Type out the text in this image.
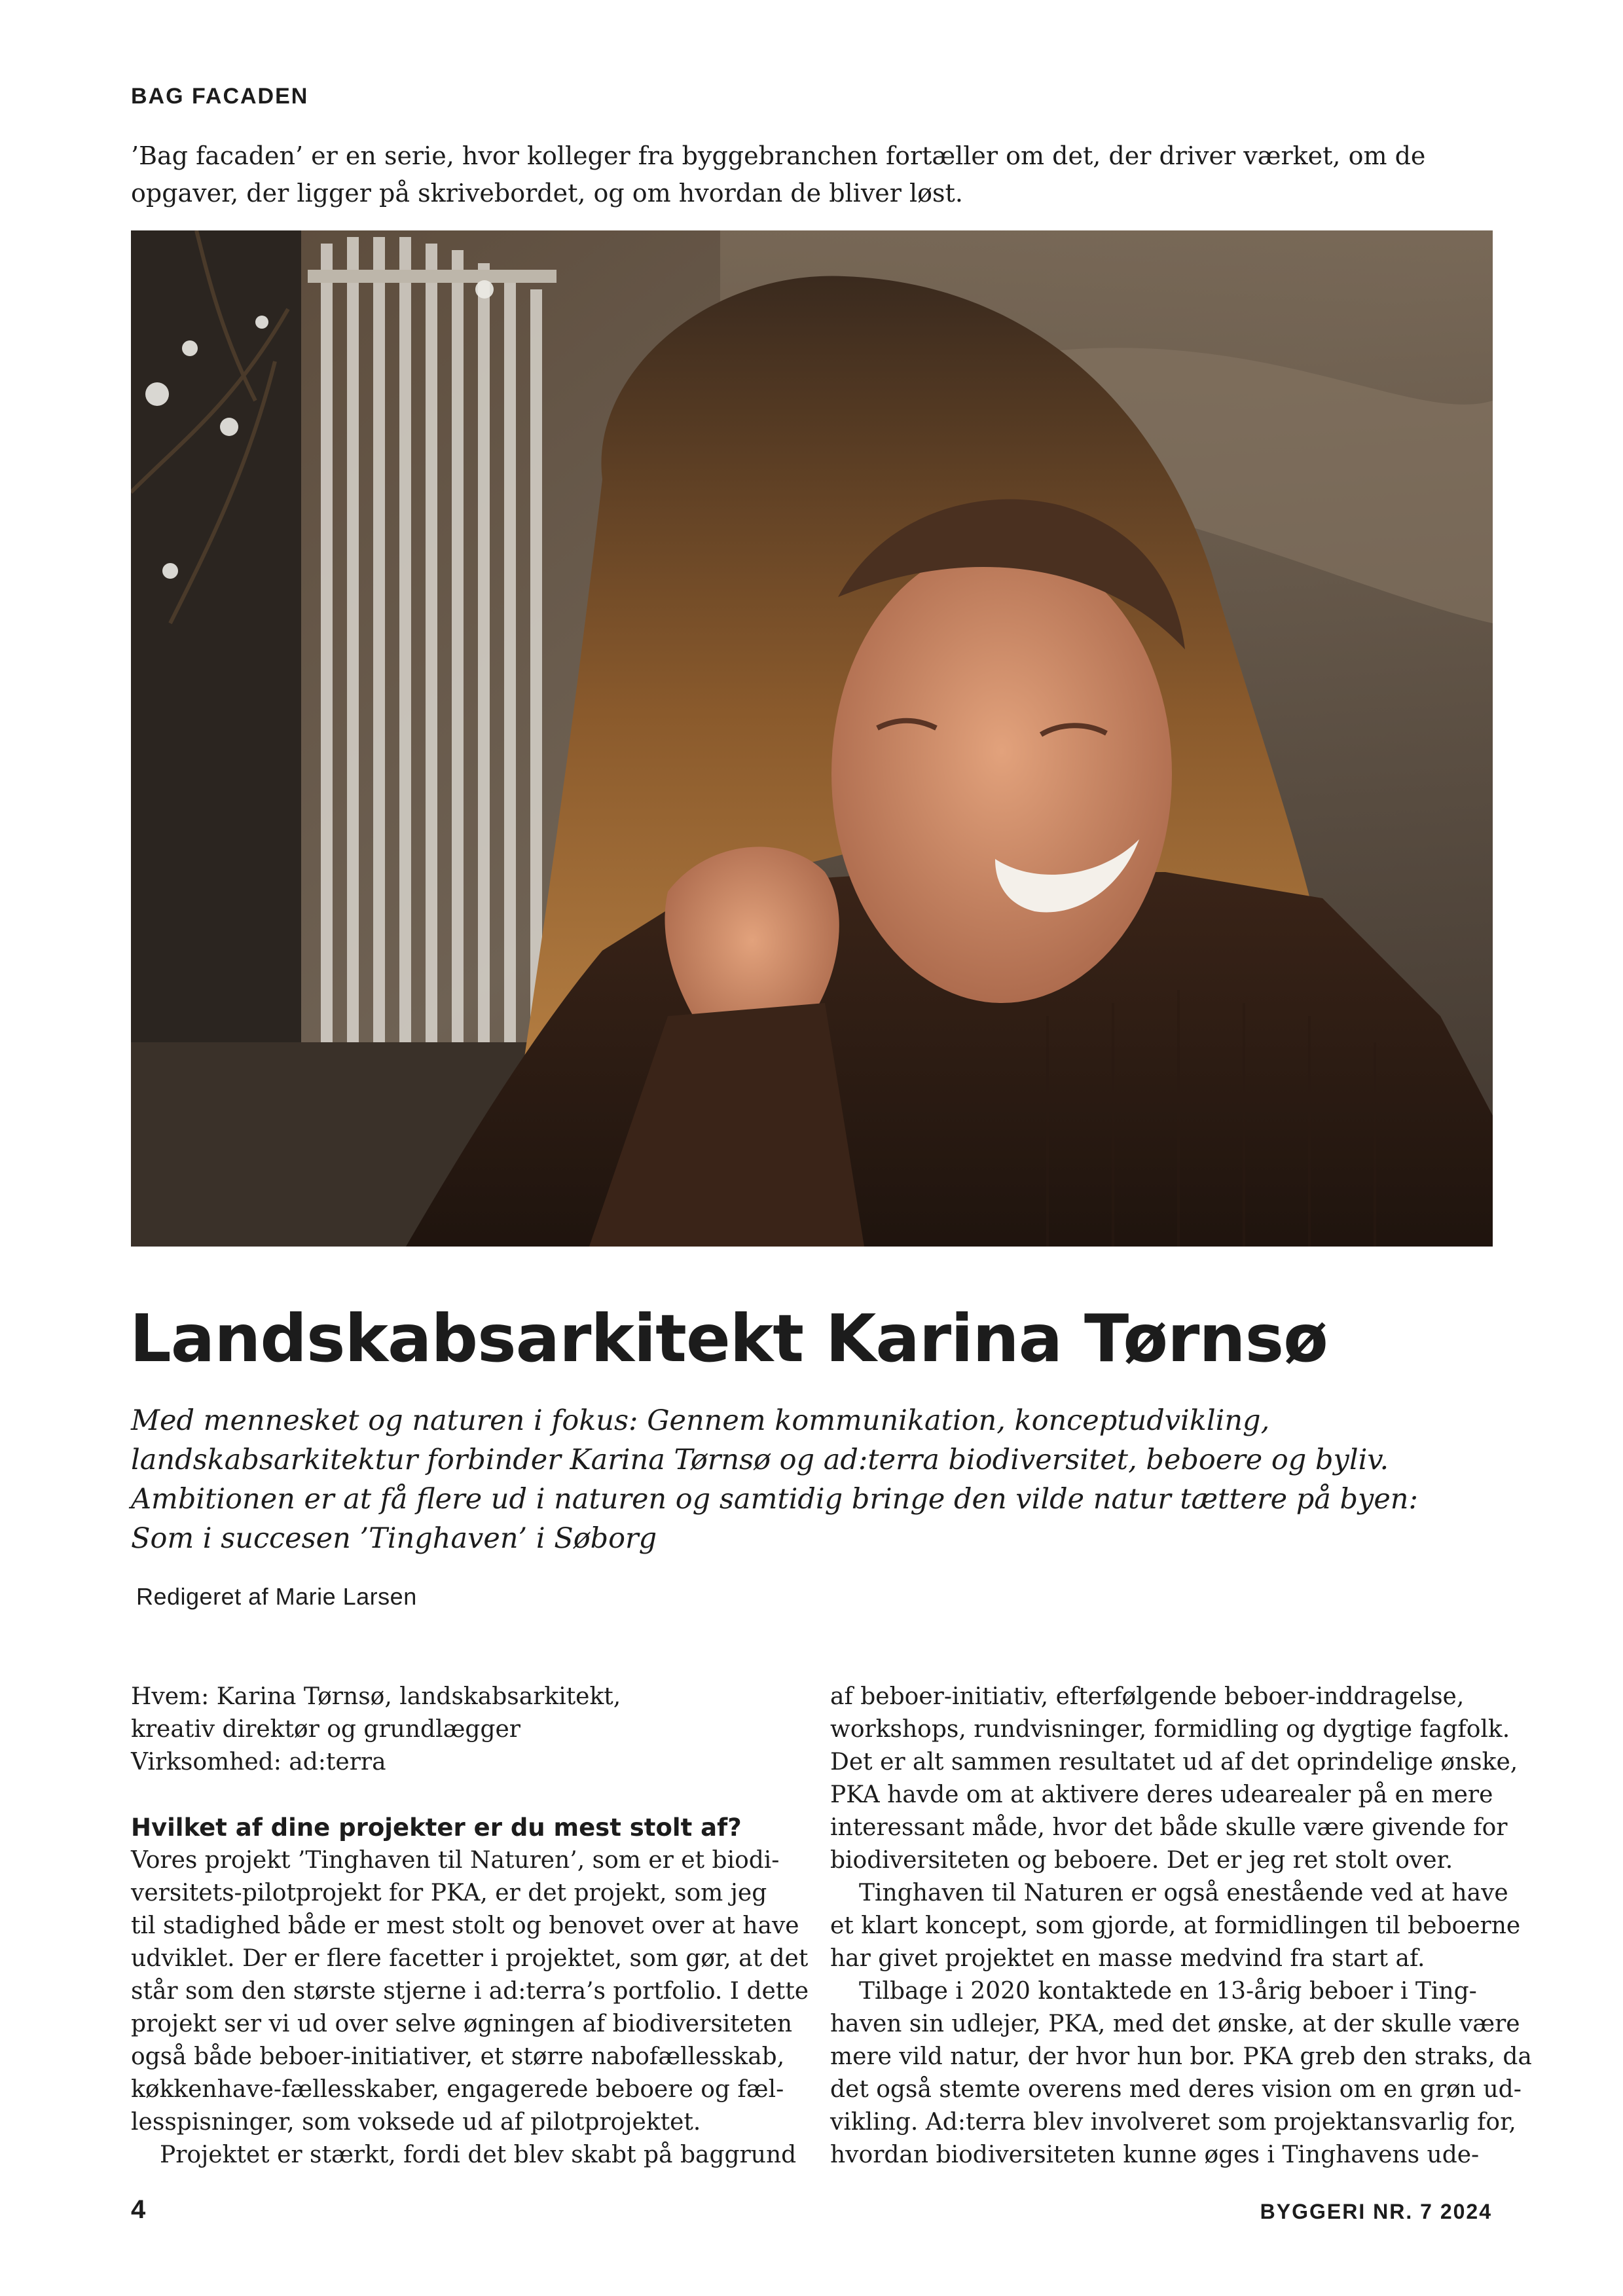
BAG FACADEN
’Bag facaden’ er en serie, hvor kolleger fra byggebranchen fortæller om det, der driver værket, om de opgaver, der ligger på skrivebordet, og om hvordan de bliver løst.
Landskabsarkitekt Karina Tørnsø
Med mennesket og naturen i fokus: Gennem kommunikation, konceptudvikling,
landskabsarkitektur forbinder Karina Tørnsø og ad:terra biodiversitet, beboere og byliv.
Ambitionen er at få flere ud i naturen og samtidig bringe den vilde natur tættere på byen:
Som i succesen ’Tinghaven’ i Søborg
Redigeret af Marie Larsen
Hvem: Karina Tørnsø, landskabsarkitekt,
kreativ direktør og grundlægger
Virksomhed: ad:terra
Hvilket af dine projekter er du mest stolt af?
Vores projekt ’Tinghaven til Naturen’, som er et biodi-
versitets-pilotprojekt for PKA, er det projekt, som jeg
til stadighed både er mest stolt og benovet over at have
udviklet. Der er flere facetter i projektet, som gør, at det
står som den største stjerne i ad:terra’s portfolio. I dette
projekt ser vi ud over selve øgningen af biodiversiteten
også både beboer-initiativer, et større nabofællesskab,
køkkenhave-fællesskaber, engagerede beboere og fæl-
lesspisninger, som voksede ud af pilotprojektet.
Projektet er stærkt, fordi det blev skabt på baggrund
af beboer-initiativ, efterfølgende beboer-inddragelse,
workshops, rundvisninger, formidling og dygtige fagfolk.
Det er alt sammen resultatet ud af det oprindelige ønske,
PKA havde om at aktivere deres udearealer på en mere
interessant måde, hvor det både skulle være givende for
biodiversiteten og beboere. Det er jeg ret stolt over.
Tinghaven til Naturen er også enestående ved at have
et klart koncept, som gjorde, at formidlingen til beboerne
har givet projektet en masse medvind fra start af.
Tilbage i 2020 kontaktede en 13-årig beboer i Ting-
haven sin udlejer, PKA, med det ønske, at der skulle være
mere vild natur, der hvor hun bor. PKA greb den straks, da
det også stemte overens med deres vision om en grøn ud-
vikling. Ad:terra blev involveret som projektansvarlig for,
hvordan biodiversiteten kunne øges i Tinghavens ude-
4	BYGGERI NR. 7 2024
